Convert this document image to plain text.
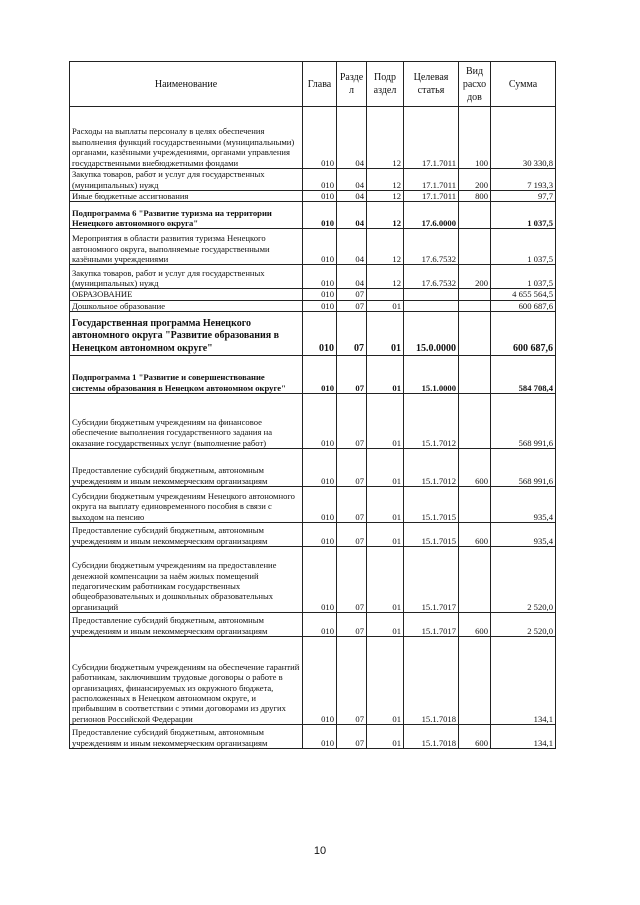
Наименование	Глава	Разде л	Подр аздел	Целевая статья	Вид расхо дов	Сумма
Расходы на выплаты персоналу в целях обеспечения выполнения функций государственными (муниципальными) органами, казёнными учреждениями, органами управления государственными внебюджетными фондами	010	04	12	17.1.7011	100	30 330,8
Закупка товаров, работ и услуг для государственных (муниципальных) нужд	010	04	12	17.1.7011	200	7 193,3
Иные бюджетные ассигнования	010	04	12	17.1.7011	800	97,7
Подпрограмма 6 "Развитие туризма на территории Ненецкого автономного округа"	010	04	12	17.6.0000		1 037,5
Мероприятия в области развития туризма Ненецкого автономного округа, выполняемые государственными казёнными учреждениями	010	04	12	17.6.7532		1 037,5
Закупка товаров, работ и услуг для государственных (муниципальных) нужд	010	04	12	17.6.7532	200	1 037,5
ОБРАЗОВАНИЕ	010	07				4 655 564,5
Дошкольное образование	010	07	01			600 687,6
Государственная программа Ненецкого автономного округа "Развитие образования в Ненецком автономном округе"	010	07	01	15.0.0000		600 687,6
Подпрограмма 1 "Развитие и совершенствование системы образования в Ненецком автономном округе"	010	07	01	15.1.0000		584 708,4
Субсидии бюджетным учреждениям на финансовое обеспечение выполнения государственного задания на оказание государственных услуг (выполнение работ)	010	07	01	15.1.7012		568 991,6
Предоставление субсидий бюджетным, автономным учреждениям и иным некоммерческим организациям	010	07	01	15.1.7012	600	568 991,6
Субсидии бюджетным учреждениям Ненецкого автономного округа на выплату единовременного пособия в связи с выходом на пенсию	010	07	01	15.1.7015		935,4
Предоставление субсидий бюджетным, автономным учреждениям и иным некоммерческим организациям	010	07	01	15.1.7015	600	935,4
Субсидии бюджетным учреждениям на предоставление денежной компенсации за наём жилых помещений педагогическим работникам государственных общеобразовательных и дошкольных образовательных организаций	010	07	01	15.1.7017		2 520,0
Предоставление субсидий бюджетным, автономным учреждениям и иным некоммерческим организациям	010	07	01	15.1.7017	600	2 520,0
Субсидии бюджетным учреждениям на обеспечение гарантий работникам, заключившим трудовые договоры о работе в организациях, финансируемых из окружного бюджета, расположенных в Ненецком автономном округе, и прибывшим в соответствии с этими договорами из других регионов Российской Федерации	010	07	01	15.1.7018		134,1
Предоставление субсидий бюджетным, автономным учреждениям и иным некоммерческим организациям	010	07	01	15.1.7018	600	134,1
10
